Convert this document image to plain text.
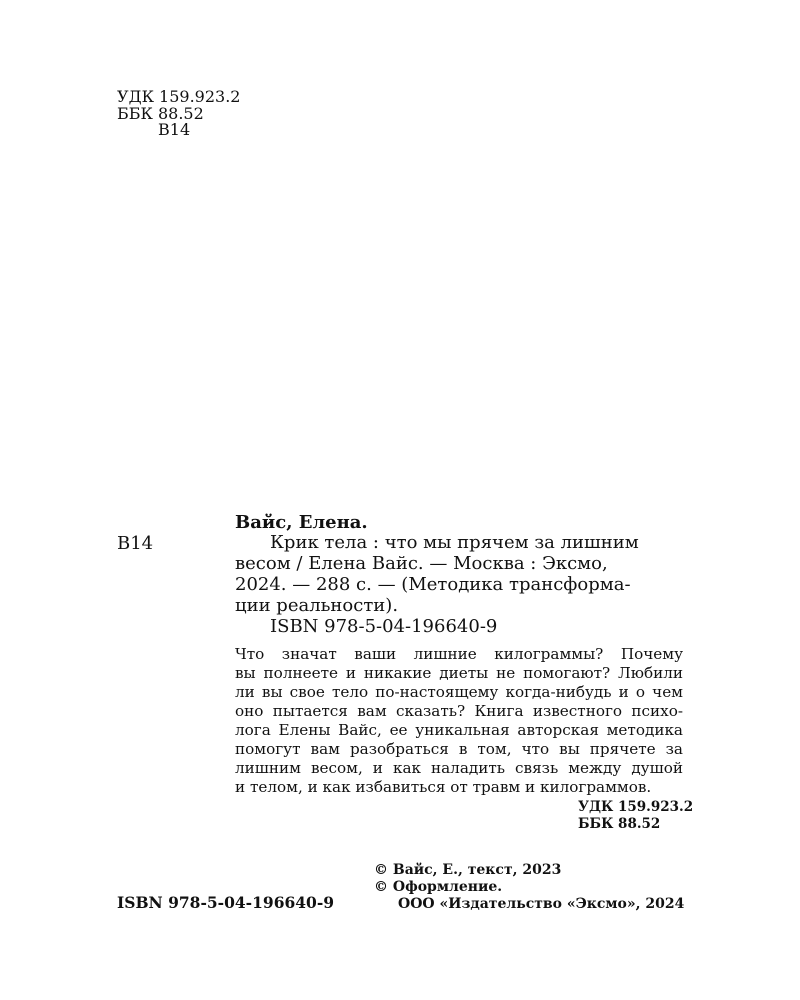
УДК 159.923.2
ББК 88.52
В14
В14
Вайс, Елена.
Крик тела : что мы прячем за лишним
весом / Елена Вайс. — Москва : Эксмо,
2024. — 288 с. — (Методика трансформа-
ции реальности).
ISBN 978-5-04-196640-9
Что значат ваши лишние килограммы? Почему
вы полнеете и никакие диеты не помогают? Любили
ли вы свое тело по-настоящему когда-нибудь и о чем
оно пытается вам сказать? Книга известного психо-
лога Елены Вайс, ее уникальная авторская методика
помогут вам разобраться в том, что вы прячете за
лишним весом, и как наладить связь между душой
и телом, и как избавиться от травм и килограммов.
УДК 159.923.2
ББК 88.52
© Вайс, Е., текст, 2023
© Оформление.
ООО «Издательство «Эксмо», 2024
ISBN 978-5-04-196640-9
